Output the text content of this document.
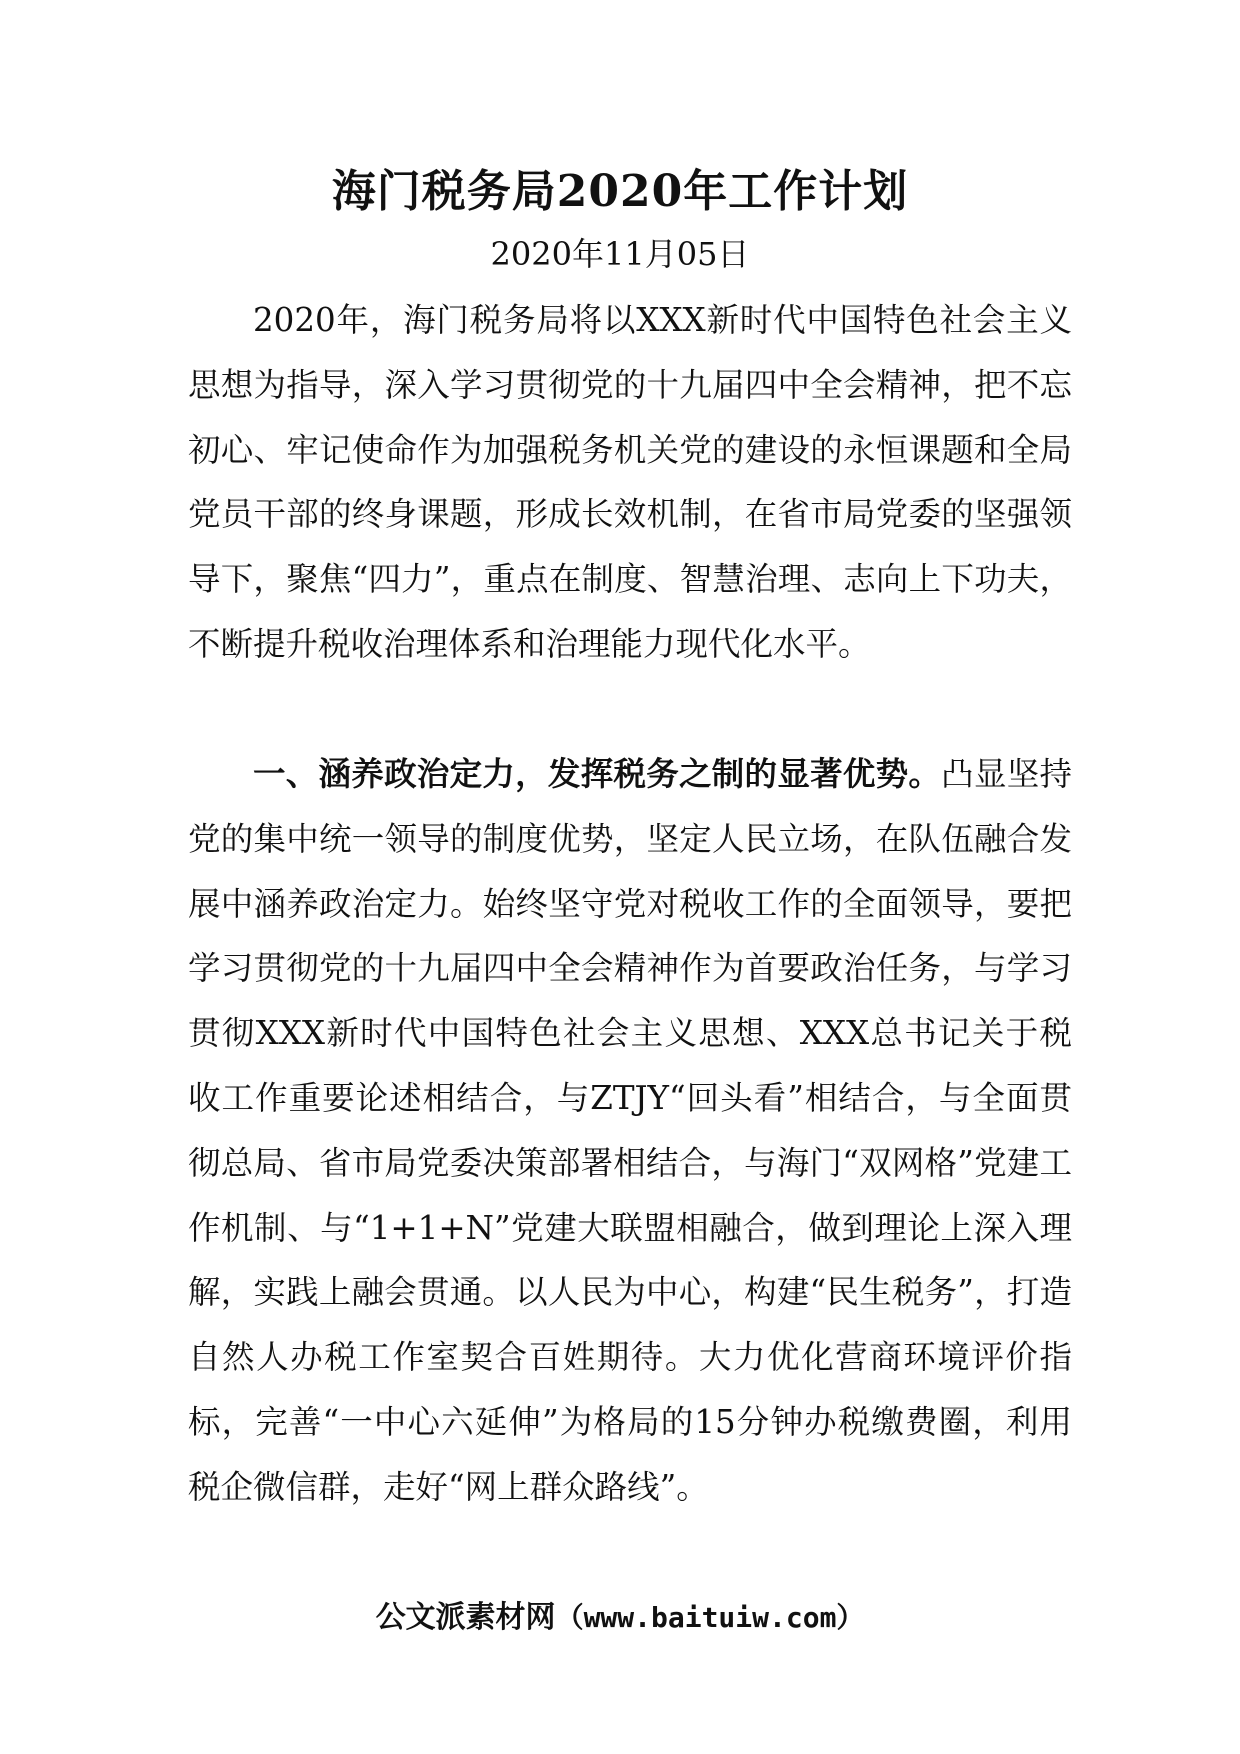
海门税务局2020年工作计划
2020年11月05日

2020年，海门税务局将以XXX新时代中国特色社会主义思想为指导，深入学习贯彻党的十九届四中全会精神，把不忘初心、牢记使命作为加强税务机关党的建设的永恒课题和全局党员干部的终身课题，形成长效机制，在省市局党委的坚强领导下，聚焦“四力”，重点在制度、智慧治理、志向上下功夫，不断提升税收治理体系和治理能力现代化水平。

一、涵养政治定力，发挥税务之制的显著优势。凸显坚持党的集中统一领导的制度优势，坚定人民立场，在队伍融合发展中涵养政治定力。始终坚守党对税收工作的全面领导，要把学习贯彻党的十九届四中全会精神作为首要政治任务，与学习贯彻XXX新时代中国特色社会主义思想、XXX总书记关于税收工作重要论述相结合，与ZTJY“回头看”相结合，与全面贯彻总局、省市局党委决策部署相结合，与海门“双网格”党建工作机制、与“1+1+N”党建大联盟相融合，做到理论上深入理解，实践上融会贯通。以人民为中心，构建“民生税务”，打造自然人办税工作室契合百姓期待。大力优化营商环境评价指标，完善“一中心六延伸”为格局的15分钟办税缴费圈，利用税企微信群，走好“网上群众路线”。

公文派素材网（www.baituiw.com）
